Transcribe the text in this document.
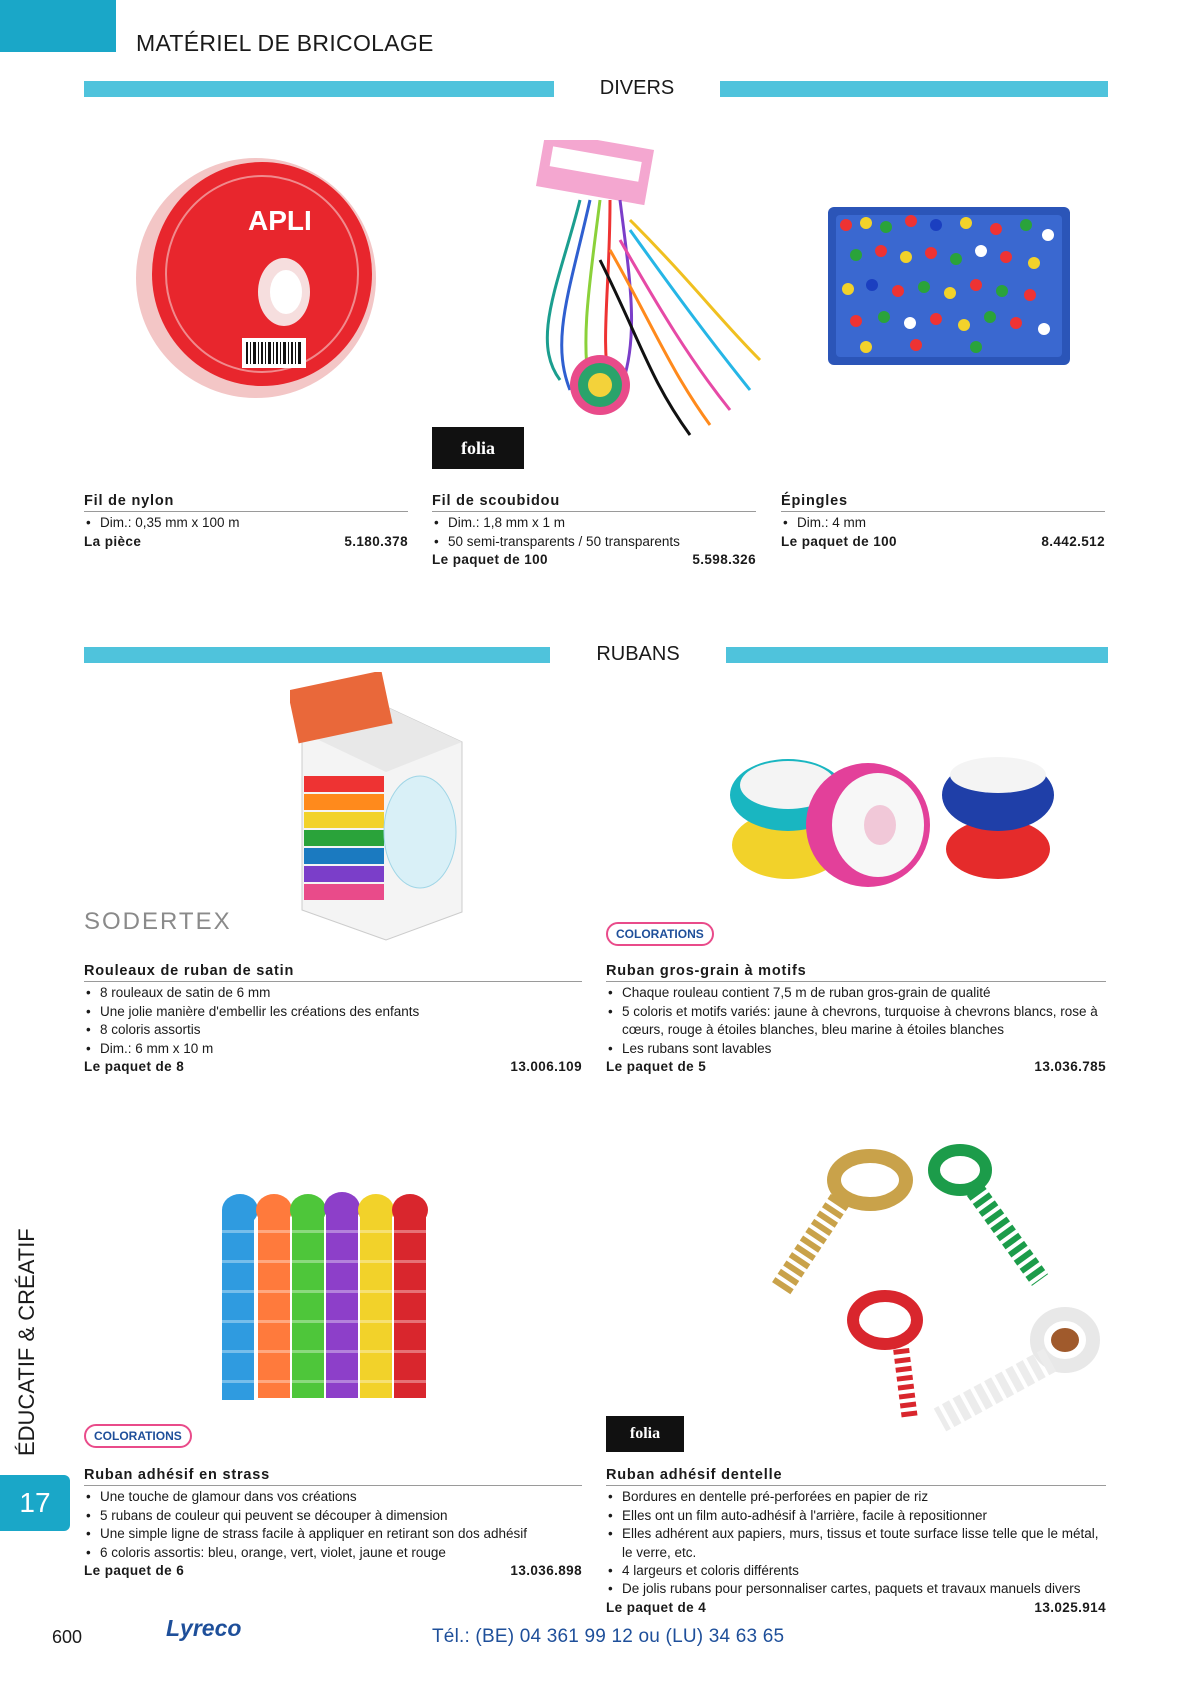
MATÉRIEL DE BRICOLAGE
DIVERS
APLI
folia
Fil de nylon
• Dim.: 0,35 mm x 100 m
La pièce	5.180.378
Fil de scoubidou
• Dim.: 1,8 mm x 1 m
• 50 semi-transparents / 50 transparents
Le paquet de 100	5.598.326
Épingles
• Dim.: 4 mm
Le paquet de 100	8.442.512
RUBANS
SODERTEX	COLORATIONS
Rouleaux de ruban de satin
• 8 rouleaux de satin de 6 mm
• Une jolie manière d'embellir les créations des enfants
• 8 coloris assortis
• Dim.: 6 mm x 10 m
Le paquet de 8	13.006.109
Ruban gros-grain à motifs
• Chaque rouleau contient 7,5 m de ruban gros-grain de qualité
• 5 coloris et motifs variés: jaune à chevrons, turquoise à chevrons blancs, rose à cœurs, rouge à étoiles blanches, bleu marine à étoiles blanches
• Les rubans sont lavables
Le paquet de 5	13.036.785
COLORATIONS	folia
Ruban adhésif en strass
• Une touche de glamour dans vos créations
• 5 rubans de couleur qui peuvent se découper à dimension
• Une simple ligne de strass facile à appliquer en retirant son dos adhésif
• 6 coloris assortis: bleu, orange, vert, violet, jaune et rouge
Le paquet de 6	13.036.898
Ruban adhésif dentelle
• Bordures en dentelle pré-perforées en papier de riz
• Elles ont un film auto-adhésif à l'arrière, facile à repositionner
• Elles adhérent aux papiers, murs, tissus et toute surface lisse telle que le métal, le verre, etc.
• 4 largeurs et coloris différents
• De jolis rubans pour personnaliser cartes, paquets et travaux manuels divers
Le paquet de 4	13.025.914
ÉDUCATIF & CRÉATIF
17
600	Lyreco	Tél.: (BE) 04 361 99 12 ou (LU) 34 63 65
